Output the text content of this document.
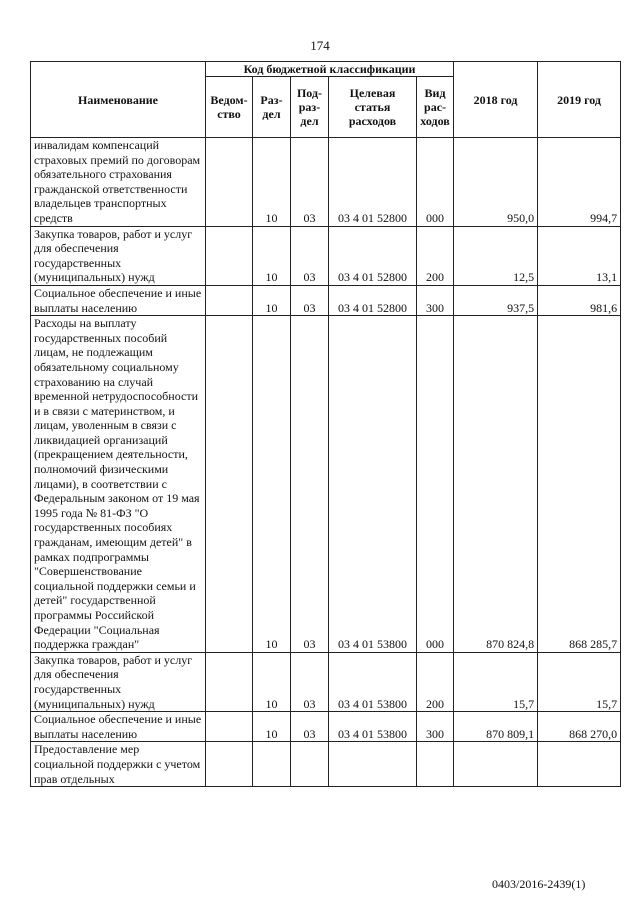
174
Наименование	Код бюджетной классификации					2018 год	2019 год
	Ведом-ство	Раз-дел	Под-раз-дел	Целевая статья расходов	Вид рас-ходов		
инвалидам компенсаций страховых премий по договорам обязательного страхования гражданской ответственности владельцев транспортных средств		10	03	03 4 01 52800	000	950,0	994,7
Закупка товаров, работ и услуг для обеспечения государственных (муниципальных) нужд		10	03	03 4 01 52800	200	12,5	13,1
Социальное обеспечение и иные выплаты населению		10	03	03 4 01 52800	300	937,5	981,6
Расходы на выплату государственных пособий лицам, не подлежащим обязательному социальному страхованию на случай временной нетрудоспособности и в связи с материнством, и лицам, уволенным в связи с ликвидацией организаций (прекращением деятельности, полномочий физическими лицами), в соответствии с Федеральным законом от 19 мая 1995 года № 81-ФЗ "О государственных пособиях гражданам, имеющим детей" в рамках подпрограммы "Совершенствование социальной поддержки семьи и детей" государственной программы Российской Федерации "Социальная поддержка граждан"		10	03	03 4 01 53800	000	870 824,8	868 285,7
Закупка товаров, работ и услуг для обеспечения государственных (муниципальных) нужд		10	03	03 4 01 53800	200	15,7	15,7
Социальное обеспечение и иные выплаты населению		10	03	03 4 01 53800	300	870 809,1	868 270,0
Предоставление мер социальной поддержки с учетом прав отдельных							
0403/2016-2439(1)
